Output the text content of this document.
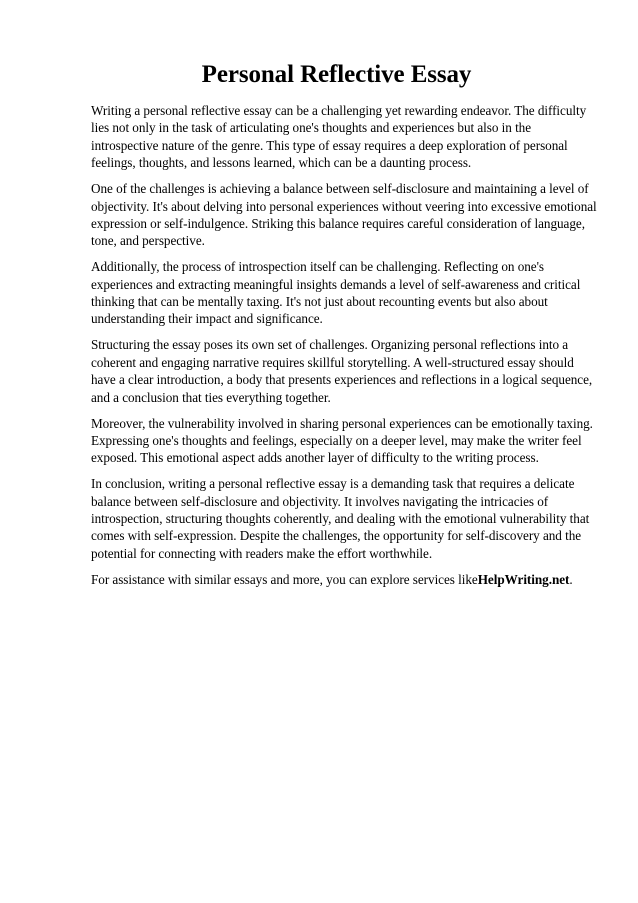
Personal Reflective Essay

Writing a personal reflective essay can be a challenging yet rewarding endeavor. The difficulty lies not only in the task of articulating one's thoughts and experiences but also in the introspective nature of the genre. This type of essay requires a deep exploration of personal feelings, thoughts, and lessons learned, which can be a daunting process.

One of the challenges is achieving a balance between self-disclosure and maintaining a level of objectivity. It's about delving into personal experiences without veering into excessive emotional expression or self-indulgence. Striking this balance requires careful consideration of language, tone, and perspective.

Additionally, the process of introspection itself can be challenging. Reflecting on one's experiences and extracting meaningful insights demands a level of self-awareness and critical thinking that can be mentally taxing. It's not just about recounting events but also about understanding their impact and significance.

Structuring the essay poses its own set of challenges. Organizing personal reflections into a coherent and engaging narrative requires skillful storytelling. A well-structured essay should have a clear introduction, a body that presents experiences and reflections in a logical sequence, and a conclusion that ties everything together.

Moreover, the vulnerability involved in sharing personal experiences can be emotionally taxing. Expressing one's thoughts and feelings, especially on a deeper level, may make the writer feel exposed. This emotional aspect adds another layer of difficulty to the writing process.

In conclusion, writing a personal reflective essay is a demanding task that requires a delicate balance between self-disclosure and objectivity. It involves navigating the intricacies of introspection, structuring thoughts coherently, and dealing with the emotional vulnerability that comes with self-expression. Despite the challenges, the opportunity for self-discovery and the potential for connecting with readers make the effort worthwhile.

For assistance with similar essays and more, you can explore services likeHelpWriting.net.
